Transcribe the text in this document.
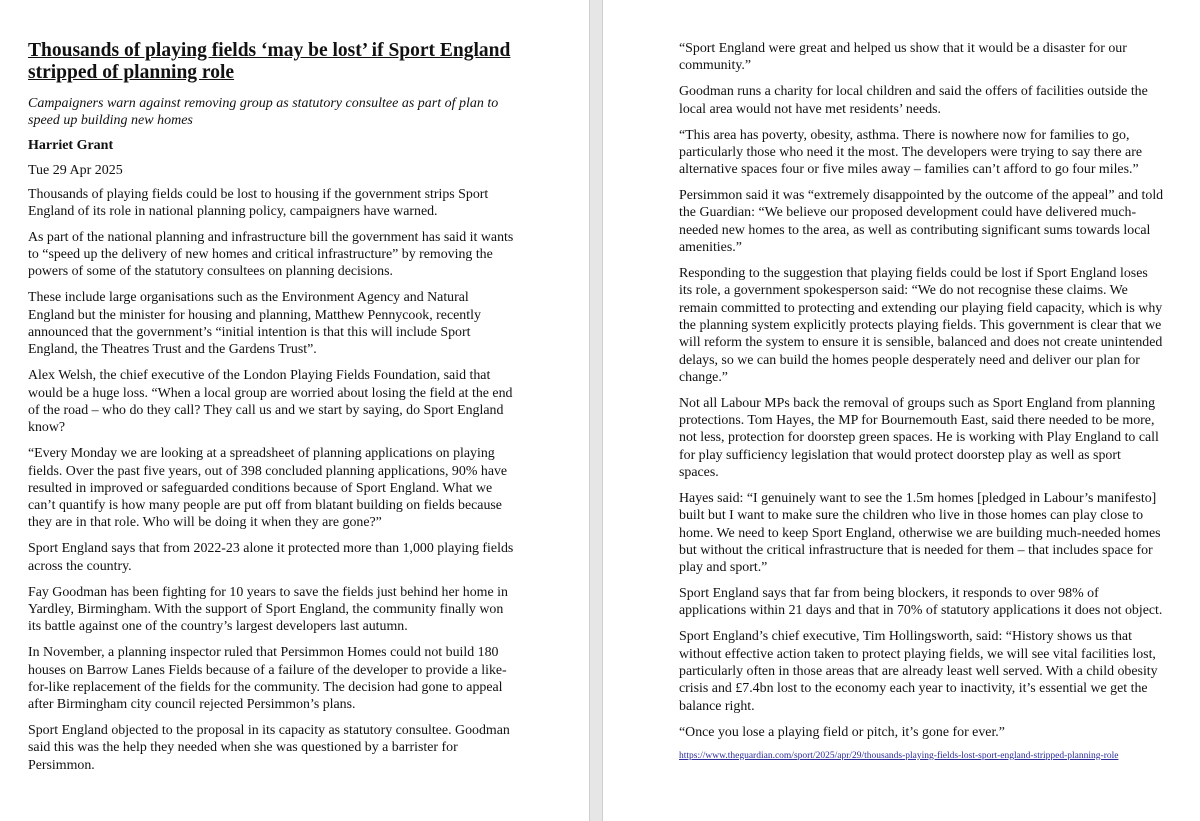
Thousands of playing fields ‘may be lost’ if Sport England stripped of planning role
Campaigners warn against removing group as statutory consultee as part of plan to speed up building new homes
Harriet Grant
Tue 29 Apr 2025

Thousands of playing fields could be lost to housing if the government strips Sport England of its role in national planning policy, campaigners have warned.

As part of the national planning and infrastructure bill the government has said it wants to “speed up the delivery of new homes and critical infrastructure” by removing the powers of some of the statutory consultees on planning decisions.

These include large organisations such as the Environment Agency and Natural England but the minister for housing and planning, Matthew Pennycook, recently announced that the government’s “initial intention is that this will include Sport England, the Theatres Trust and the Gardens Trust”.

Alex Welsh, the chief executive of the London Playing Fields Foundation, said that would be a huge loss. “When a local group are worried about losing the field at the end of the road – who do they call? They call us and we start by saying, do Sport England know?

“Every Monday we are looking at a spreadsheet of planning applications on playing fields. Over the past five years, out of 398 concluded planning applications, 90% have resulted in improved or safeguarded conditions because of Sport England. What we can’t quantify is how many people are put off from blatant building on fields because they are in that role. Who will be doing it when they are gone?”

Sport England says that from 2022-23 alone it protected more than 1,000 playing fields across the country.

Fay Goodman has been fighting for 10 years to save the fields just behind her home in Yardley, Birmingham. With the support of Sport England, the community finally won its battle against one of the country’s largest developers last autumn.

In November, a planning inspector ruled that Persimmon Homes could not build 180 houses on Barrow Lanes Fields because of a failure of the developer to provide a like-for-like replacement of the fields for the community. The decision had gone to appeal after Birmingham city council rejected Persimmon’s plans.

Sport England objected to the proposal in its capacity as statutory consultee. Goodman said this was the help they needed when she was questioned by a barrister for Persimmon.

“Sport England were great and helped us show that it would be a disaster for our community.”

Goodman runs a charity for local children and said the offers of facilities outside the local area would not have met residents’ needs.

“This area has poverty, obesity, asthma. There is nowhere now for families to go, particularly those who need it the most. The developers were trying to say there are alternative spaces four or five miles away – families can’t afford to go four miles.”

Persimmon said it was “extremely disappointed by the outcome of the appeal” and told the Guardian: “We believe our proposed development could have delivered much-needed new homes to the area, as well as contributing significant sums towards local amenities.”

Responding to the suggestion that playing fields could be lost if Sport England loses its role, a government spokesperson said: “We do not recognise these claims. We remain committed to protecting and extending our playing field capacity, which is why the planning system explicitly protects playing fields. This government is clear that we will reform the system to ensure it is sensible, balanced and does not create unintended delays, so we can build the homes people desperately need and deliver our plan for change.”

Not all Labour MPs back the removal of groups such as Sport England from planning protections. Tom Hayes, the MP for Bournemouth East, said there needed to be more, not less, protection for doorstep green spaces. He is working with Play England to call for play sufficiency legislation that would protect doorstep play as well as sport spaces.

Hayes said: “I genuinely want to see the 1.5m homes [pledged in Labour’s manifesto] built but I want to make sure the children who live in those homes can play close to home. We need to keep Sport England, otherwise we are building much-needed homes but without the critical infrastructure that is needed for them – that includes space for play and sport.”

Sport England says that far from being blockers, it responds to over 98% of applications within 21 days and that in 70% of statutory applications it does not object.

Sport England’s chief executive, Tim Hollingsworth, said: “History shows us that without effective action taken to protect playing fields, we will see vital facilities lost, particularly often in those areas that are already least well served. With a child obesity crisis and £7.4bn lost to the economy each year to inactivity, it’s essential we get the balance right.

“Once you lose a playing field or pitch, it’s gone for ever.”

https://www.theguardian.com/sport/2025/apr/29/thousands-playing-fields-lost-sport-england-stripped-planning-role
